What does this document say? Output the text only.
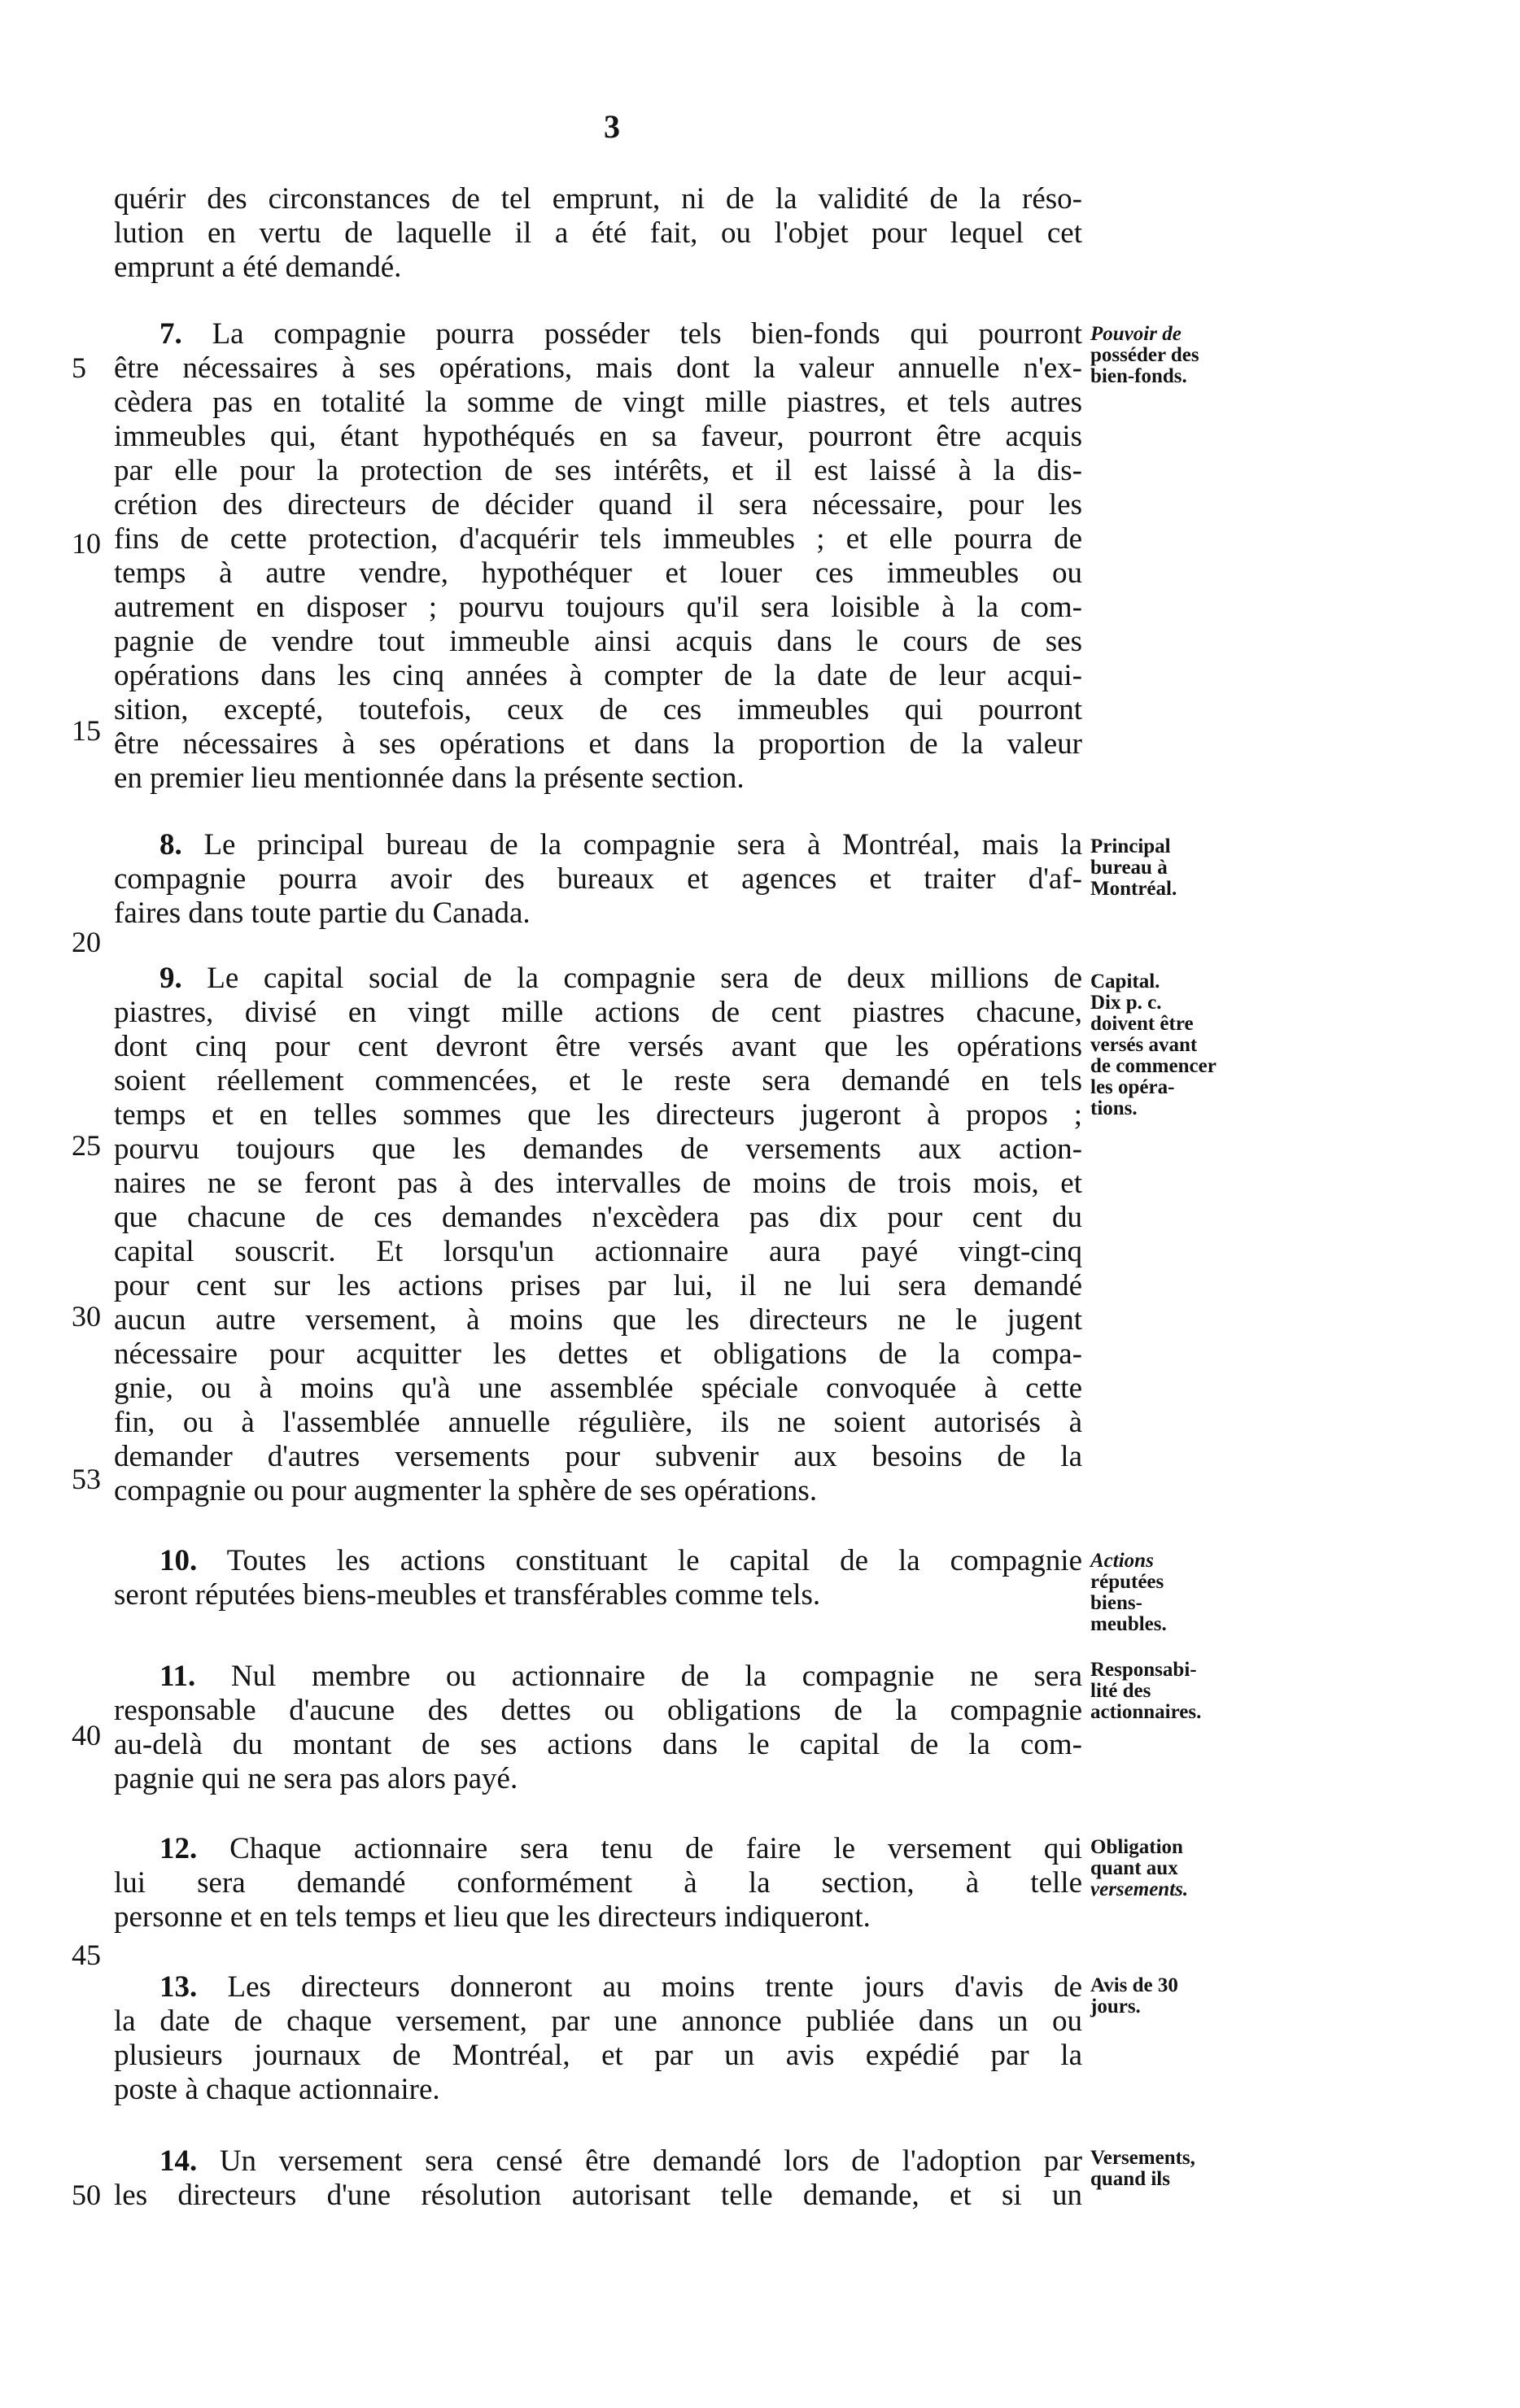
3
5
10
15
20
25
30
53
40
45
50
quérir des circonstances de tel emprunt, ni de la validité de la réso-
lution en vertu de laquelle il a été fait, ou l'objet pour lequel cet
emprunt a été demandé.
7. La compagnie pourra posséder tels bien-fonds qui pourront
être nécessaires à ses opérations, mais dont la valeur annuelle n'ex-
cèdera pas en totalité la somme de vingt mille piastres, et tels autres
immeubles qui, étant hypothéqués en sa faveur, pourront être acquis
par elle pour la protection de ses intérêts, et il est laissé à la dis-
crétion des directeurs de décider quand il sera nécessaire, pour les
fins de cette protection, d'acquérir tels immeubles ; et elle pourra de
temps à autre vendre, hypothéquer et louer ces immeubles ou
autrement en disposer ; pourvu toujours qu'il sera loisible à la com-
pagnie de vendre tout immeuble ainsi acquis dans le cours de ses
opérations dans les cinq années à compter de la date de leur acqui-
sition, excepté, toutefois, ceux de ces immeubles qui pourront
être nécessaires à ses opérations et dans la proportion de la valeur
en premier lieu mentionnée dans la présente section.
8. Le principal bureau de la compagnie sera à Montréal, mais la
compagnie pourra avoir des bureaux et agences et traiter d'af-
faires dans toute partie du Canada.
9. Le capital social de la compagnie sera de deux millions de
piastres, divisé en vingt mille actions de cent piastres chacune,
dont cinq pour cent devront être versés avant que les opérations
soient réellement commencées, et le reste sera demandé en tels
temps et en telles sommes que les directeurs jugeront à propos ;
pourvu toujours que les demandes de versements aux action-
naires ne se feront pas à des intervalles de moins de trois mois, et
que chacune de ces demandes n'excèdera pas dix pour cent du
capital souscrit. Et lorsqu'un actionnaire aura payé vingt-cinq
pour cent sur les actions prises par lui, il ne lui sera demandé
aucun autre versement, à moins que les directeurs ne le jugent
nécessaire pour acquitter les dettes et obligations de la compa-
gnie, ou à moins qu'à une assemblée spéciale convoquée à cette
fin, ou à l'assemblée annuelle régulière, ils ne soient autorisés à
demander d'autres versements pour subvenir aux besoins de la
compagnie ou pour augmenter la sphère de ses opérations.
10. Toutes les actions constituant le capital de la compagnie
seront réputées biens-meubles et transférables comme tels.
11. Nul membre ou actionnaire de la compagnie ne sera
responsable d'aucune des dettes ou obligations de la compagnie
au-delà du montant de ses actions dans le capital de la com-
pagnie qui ne sera pas alors payé.
12. Chaque actionnaire sera tenu de faire le versement qui
lui sera demandé conformément à la section, à telle
personne et en tels temps et lieu que les directeurs indiqueront.
13. Les directeurs donneront au moins trente jours d'avis de
la date de chaque versement, par une annonce publiée dans un ou
plusieurs journaux de Montréal, et par un avis expédié par la
poste à chaque actionnaire.
14. Un versement sera censé être demandé lors de l'adoption par
les directeurs d'une résolution autorisant telle demande, et si un
Pouvoir de
posséder des
bien-fonds.
Principal
bureau à
Montréal.
Capital.
Dix p. c.
doivent être
versés avant
de commencer
les opéra-
tions.
Actions
réputées
biens-
meubles.
Responsabi-
lité des
actionnaires.
Obligation
quant aux
versements.
Avis de 30
jours.
Versements,
quand ils
